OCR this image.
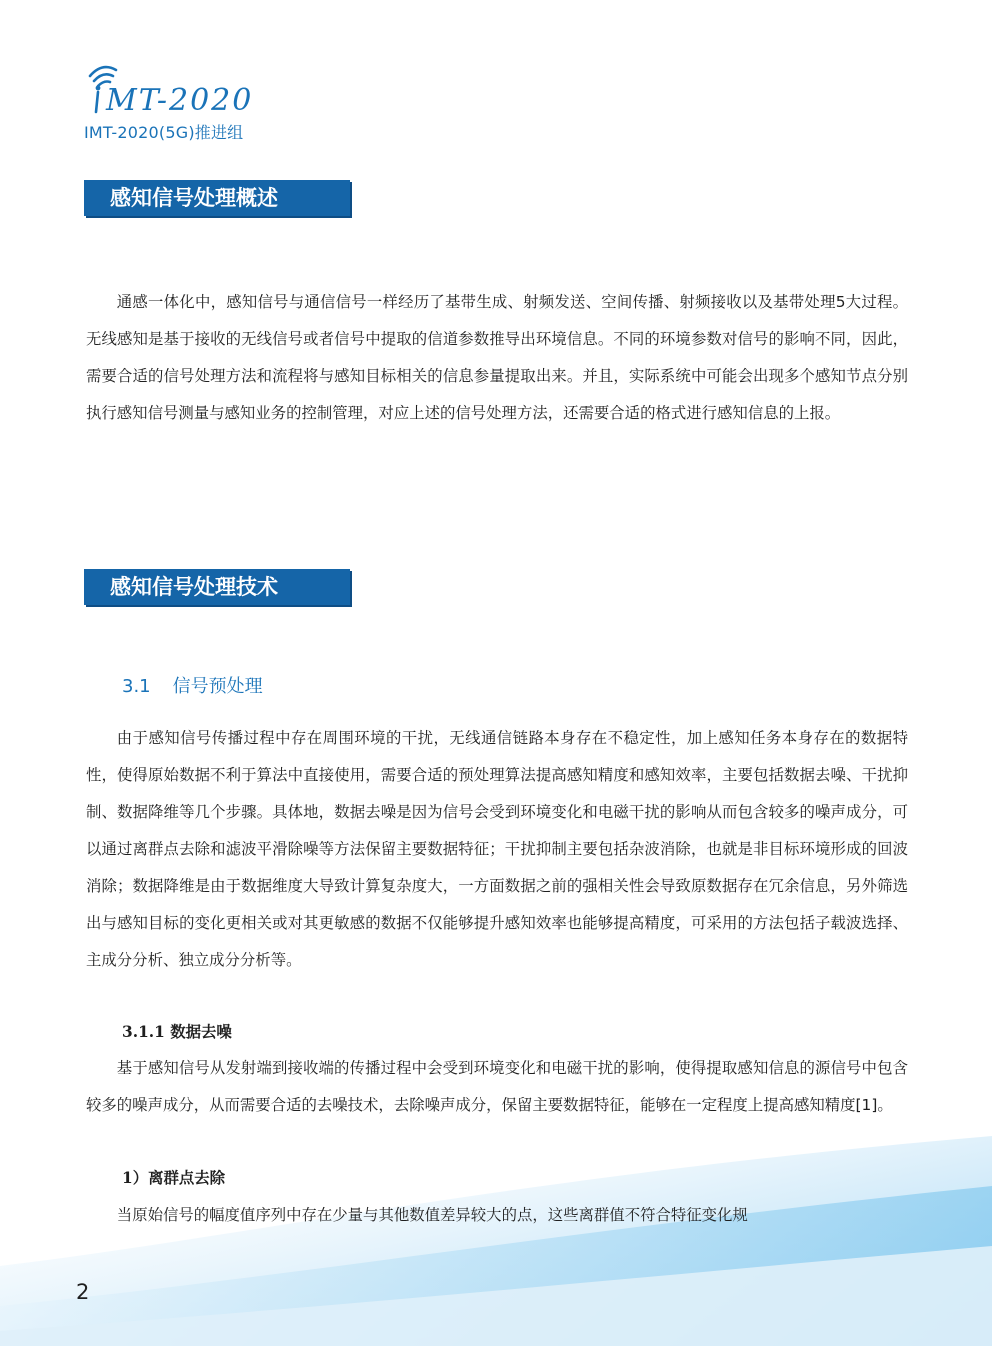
MT-2020
IMT-2020(5G)推进组
感知信号处理概述

通感一体化中，感知信号与通信信号一样经历了基带生成、射频发送、空间传播、射频接收以及基带处理5大过程。无线感知是基于接收的无线信号或者信号中提取的信道参数推导出环境信息。不同的环境参数对信号的影响不同，因此，需要合适的信号处理方法和流程将与感知目标相关的信息参量提取出来。并且，实际系统中可能会出现多个感知节点分别执行感知信号测量与感知业务的控制管理，对应上述的信号处理方法，还需要合适的格式进行感知信息的上报。

感知信号处理技术
3.1 信号预处理

由于感知信号传播过程中存在周围环境的干扰，无线通信链路本身存在不稳定性，加上感知任务本身存在的数据特性，使得原始数据不利于算法中直接使用，需要合适的预处理算法提高感知精度和感知效率，主要包括数据去噪、干扰抑制、数据降维等几个步骤。具体地，数据去噪是因为信号会受到环境变化和电磁干扰的影响从而包含较多的噪声成分，可以通过离群点去除和滤波平滑除噪等方法保留主要数据特征；干扰抑制主要包括杂波消除，也就是非目标环境形成的回波消除；数据降维是由于数据维度大导致计算复杂度大，一方面数据之前的强相关性会导致原数据存在冗余信息，另外筛选出与感知目标的变化更相关或对其更敏感的数据不仅能够提升感知效率也能够提高精度，可采用的方法包括子载波选择、主成分分析、独立成分分析等。

3.1.1 数据去噪

基于感知信号从发射端到接收端的传播过程中会受到环境变化和电磁干扰的影响，使得提取感知信息的源信号中包含较多的噪声成分，从而需要合适的去噪技术，去除噪声成分，保留主要数据特征，能够在一定程度上提高感知精度[1]。

1）离群点去除

当原始信号的幅度值序列中存在少量与其他数值差异较大的点，这些离群值不符合特征变化规

2
